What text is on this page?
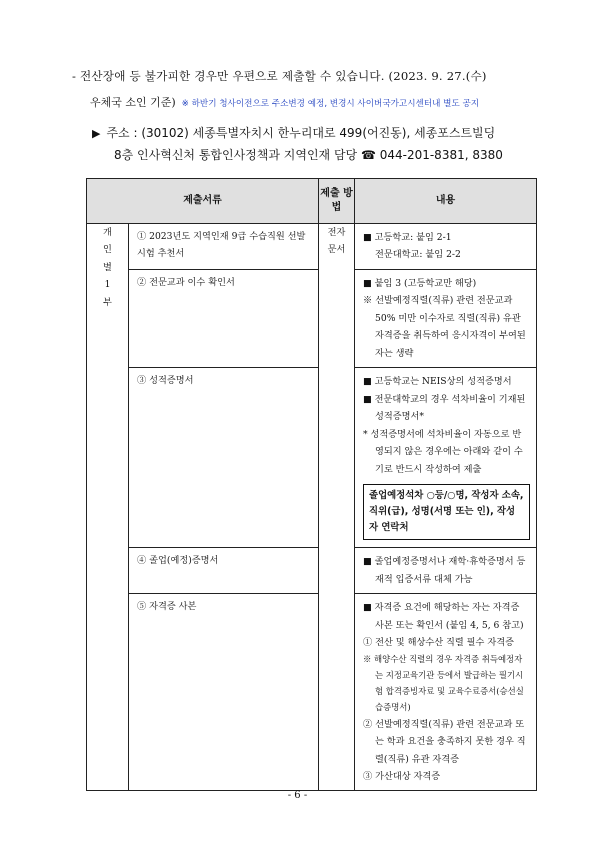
- 전산장애 등 불가피한 경우만 우편으로 제출할 수 있습니다. (2023. 9. 27.(수)
우체국 소인 기준) ※ 하반기 청사이전으로 주소변경 예정, 변경시 사이버국가고시센터내 별도 공지
▶ 주소 : (30102) 세종특별자치시 한누리대로 499(어진동), 세종포스트빌딩
8층 인사혁신처 통합인사정책과 지역인재 담당 ☎ 044-201-8381, 8380
제출서류		제출 방법	내용
개 인 별 1부	① 2023년도 지역인재 9급 수습직원 선발시험 추천서	전자 문서	■ 고등학교: 붙임 2-1
전문대학교: 붙임 2-2

	② 전문교과 이수 확인서		■ 붙임 3 (고등학교만 해당)
※ 선발예정직렬(직류) 관련 전문교과 50% 미만 이수자로 직렬(직류) 유관 자격증을 취득하여 응시자격이 부여된 자는 생략

	③ 성적증명서		■ 고등학교는 NEIS상의 성적증명서
■ 전문대학교의 경우 석차비율이 기재된 성적증명서*
* 성적증명서에 석차비율이 자동으로 반영되지 않은 경우에는 아래와 같이 수기로 반드시 작성하여 제출
졸업예정석차 ○등/○명, 작성자 소속, 직위(급), 성명(서명 또는 인), 작성자 연락처

	④ 졸업(예정)증명서		■ 졸업예정증명서나 재학·휴학증명서 등 재적 입증서류 대체 가능

	⑤ 자격증 사본		■ 자격증 요건에 해당하는 자는 자격증 사본 또는 확인서 (붙임 4, 5, 6 참고)
① 전산 및 해상수산 직렬 필수 자격증
※ 해양수산 직렬의 경우 자격증 취득예정자는 지정교육기관 등에서 발급하는 필기시험 합격증빙자료 및 교육수료증서(승선실습증명서)
② 선발예정직렬(직류) 관련 전문교과 또는 학과 요건을 충족하지 못한 경우 직렬(직류) 유관 자격증
③ 가산대상 자격증
- 6 -
